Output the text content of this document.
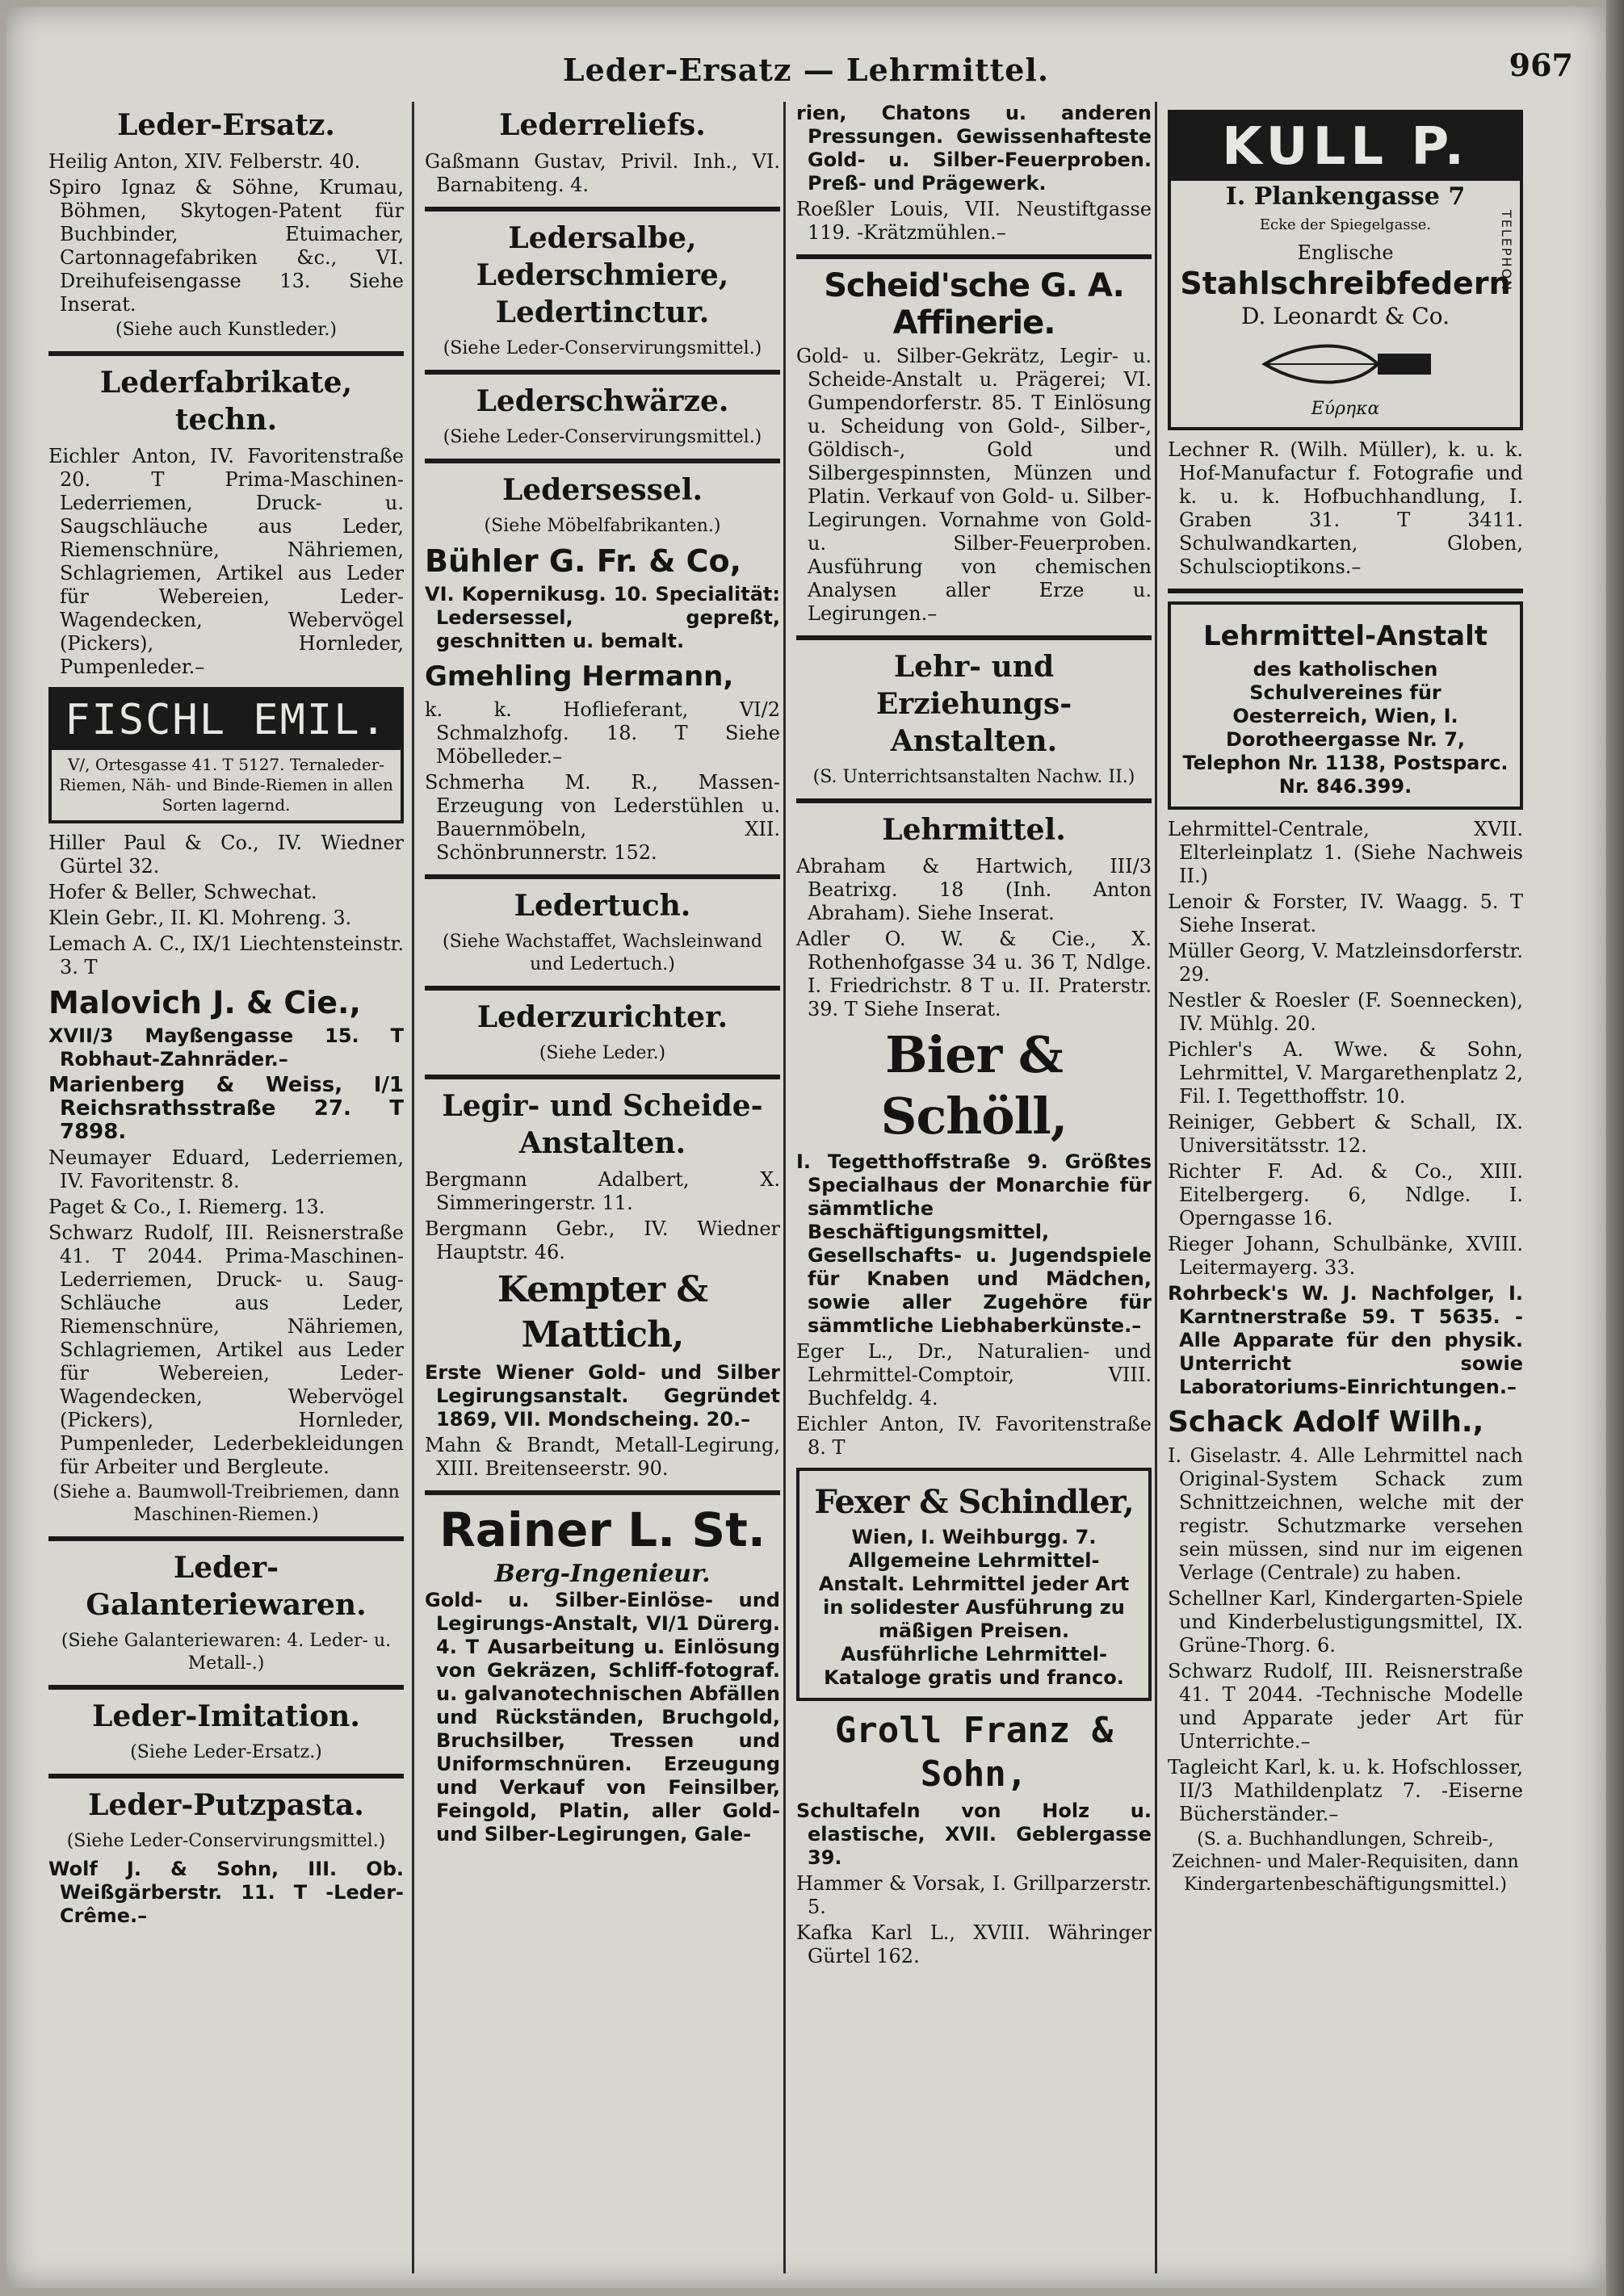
Leder-Ersatz — Lehrmittel.	967
Leder-Ersatz.
Heilig Anton, XIV. Felberstr. 40.
Spiro Ignaz & Söhne, Krumau, Böhmen, Skytogen-Patent für Buchbinder, Etuimacher, Cartonnagefabriken &c., VI. Dreihufeisengasse 13. Siehe Inserat.
(Siehe auch Kunstleder.)
Lederfabrikate, techn.
Eichler Anton, IV. Favoritenstraße 20. T Prima-Maschinen-Lederriemen, Druck- u. Saugschläuche aus Leder, Riemenschnüre, Nähriemen, Schlagriemen, Artikel aus Leder für Webereien, Leder-Wagendecken, Webervögel (Pickers), Hornleder, Pumpenleder.–
FISCHL EMIL.
V/, Ortesgasse 41. T 5127. Ternaleder-Riemen, Näh- und Binde-Riemen in allen Sorten lagernd.
Hiller Paul & Co., IV. Wiedner Gürtel 32.
Hofer & Beller, Schwechat.
Klein Gebr., II. Kl. Mohreng. 3.
Lemach A. C., IX/1 Liechtensteinstr. 3. T
Malovich J. & Cie.,
XVII/3 Mayßengasse 15. T Robhaut-Zahnräder.–
Marienberg & Weiss, I/1 Reichsrathsstraße 27. T 7898.
Neumayer Eduard, Lederriemen, IV. Favoritenstr. 8.
Paget & Co., I. Riemerg. 13.
Schwarz Rudolf, III. Reisnerstraße 41. T 2044. Prima-Maschinen-Lederriemen, Druck- u. Saug-Schläuche aus Leder, Riemenschnüre, Nähriemen, Schlagriemen, Artikel aus Leder für Webereien, Leder-Wagendecken, Webervögel (Pickers), Hornleder, Pumpenleder, Lederbekleidungen für Arbeiter und Bergleute.
(Siehe a. Baumwoll-Treibriemen, dann Maschinen-Riemen.)
Leder-Galanteriewaren.
(Siehe Galanteriewaren: 4. Leder- u. Metall-.)
Leder-Imitation.
(Siehe Leder-Ersatz.)
Leder-Putzpasta.
(Siehe Leder-Conservirungsmittel.)
Wolf J. & Sohn, III. Ob. Weißgärberstr. 11. T -Leder-Crême.–
Lederreliefs.
Gaßmann Gustav, Privil. Inh., VI. Barnabiteng. 4.
Ledersalbe, Lederschmiere, Ledertinctur.
(Siehe Leder-Conservirungsmittel.)
Lederschwärze.
(Siehe Leder-Conservirungsmittel.)
Ledersessel.
(Siehe Möbelfabrikanten.)
Bühler G. Fr. & Co,
VI. Kopernikusg. 10. Specialität: Ledersessel, gepreßt, geschnitten u. bemalt.
Gmehling Hermann,
k. k. Hoflieferant, VI/2 Schmalzhofg. 18. T Siehe Möbelleder.–
Schmerha M. R., Massen-Erzeugung von Lederstühlen u. Bauernmöbeln, XII. Schönbrunnerstr. 152.
Ledertuch.
(Siehe Wachstaffet, Wachsleinwand und Ledertuch.)
Lederzurichter.
(Siehe Leder.)
Legir- und Scheide-Anstalten.
Bergmann Adalbert, X. Simmeringerstr. 11.
Bergmann Gebr., IV. Wiedner Hauptstr. 46.
Kempter & Mattich,
Erste Wiener Gold- und Silber Legirungsanstalt. Gegründet 1869, VII. Mondscheing. 20.–
Mahn & Brandt, Metall-Legirung, XIII. Breitenseerstr. 90.
Rainer L. St.
Berg-Ingenieur.
Gold- u. Silber-Einlöse- und Legirungs-Anstalt, VI/1 Dürerg. 4. T Ausarbeitung u. Einlösung von Gekräzen, Schliff-fotograf. u. galvanotechnischen Abfällen und Rückständen, Bruchgold, Bruchsilber, Tressen und Uniformschnüren. Erzeugung und Verkauf von Feinsilber, Feingold, Platin, aller Gold- und Silber-Legirungen, Gale-
rien, Chatons u. anderen Pressungen. Gewissenhafteste Gold- u. Silber-Feuerproben. Preß- und Prägewerk.
Roeßler Louis, VII. Neustiftgasse 119. -Krätzmühlen.–
Scheid'sche G. A. Affinerie.
Gold- u. Silber-Gekrätz, Legir- u. Scheide-Anstalt u. Prägerei; VI. Gumpendorferstr. 85. T Einlösung u. Scheidung von Gold-, Silber-, Göldisch-, Gold und Silbergespinnsten, Münzen und Platin. Verkauf von Gold- u. Silber-Legirungen. Vornahme von Gold- u. Silber-Feuerproben. Ausführung von chemischen Analysen aller Erze u. Legirungen.–
Lehr- und Erziehungs-Anstalten.
(S. Unterrichtsanstalten Nachw. II.)
Lehrmittel.
Abraham & Hartwich, III/3 Beatrixg. 18 (Inh. Anton Abraham). Siehe Inserat.
Adler O. W. & Cie., X. Rothenhofgasse 34 u. 36 T, Ndlge. I. Friedrichstr. 8 T u. II. Praterstr. 39. T Siehe Inserat.
Bier & Schöll,
I. Tegetthoffstraße 9. Größtes Specialhaus der Monarchie für sämmtliche Beschäftigungsmittel, Gesellschafts- u. Jugendspiele für Knaben und Mädchen, sowie aller Zugehöre für sämmtliche Liebhaberkünste.–
Eger L., Dr., Naturalien- und Lehrmittel-Comptoir, VIII. Buchfeldg. 4.
Eichler Anton, IV. Favoritenstraße 8. T
Fexer & Schindler,
Wien, I. Weihburgg. 7. Allgemeine Lehrmittel-Anstalt. Lehrmittel jeder Art in solidester Ausführung zu mäßigen Preisen. Ausführliche Lehrmittel-Kataloge gratis und franco.
Groll Franz & Sohn,
Schultafeln von Holz u. elastische, XVII. Geblergasse 39.
Hammer & Vorsak, I. Grillparzerstr. 5.
Kafka Karl L., XVIII. Währinger Gürtel 162.
KULL P.
I. Plankengasse 7
Ecke der Spiegelgasse.
Englische
Stahlschreibfedern
D. Leonardt & Co.
Εύρηκα
TELEPHON
Lechner R. (Wilh. Müller), k. u. k. Hof-Manufactur f. Fotografie und k. u. k. Hofbuchhandlung, I. Graben 31. T 3411. Schulwandkarten, Globen, Schulscioptikons.–
Lehrmittel-Anstalt
des katholischen Schulvereines für Oesterreich, Wien, I. Dorotheergasse Nr. 7, Telephon Nr. 1138, Postsparc. Nr. 846.399.
Lehrmittel-Centrale, XVII. Elterleinplatz 1. (Siehe Nachweis II.)
Lenoir & Forster, IV. Waagg. 5. T Siehe Inserat.
Müller Georg, V. Matzleinsdorferstr. 29.
Nestler & Roesler (F. Soennecken), IV. Mühlg. 20.
Pichler's A. Wwe. & Sohn, Lehrmittel, V. Margarethenplatz 2, Fil. I. Tegetthoffstr. 10.
Reiniger, Gebbert & Schall, IX. Universitätsstr. 12.
Richter F. Ad. & Co., XIII. Eitelbergerg. 6, Ndlge. I. Operngasse 16.
Rieger Johann, Schulbänke, XVIII. Leitermayerg. 33.
Rohrbeck's W. J. Nachfolger, I. Karntnerstraße 59. T 5635. -Alle Apparate für den physik. Unterricht sowie Laboratoriums-Einrichtungen.–
Schack Adolf Wilh.,
I. Giselastr. 4. Alle Lehrmittel nach Original-System Schack zum Schnittzeichnen, welche mit der registr. Schutzmarke versehen sein müssen, sind nur im eigenen Verlage (Centrale) zu haben.
Schellner Karl, Kindergarten-Spiele und Kinderbelustigungsmittel, IX. Grüne-Thorg. 6.
Schwarz Rudolf, III. Reisnerstraße 41. T 2044. -Technische Modelle und Apparate jeder Art für Unterrichte.–
Tagleicht Karl, k. u. k. Hofschlosser, II/3 Mathildenplatz 7. -Eiserne Bücherständer.–
(S. a. Buchhandlungen, Schreib-, Zeichnen- und Maler-Requisiten, dann Kindergartenbeschäftigungsmittel.)
